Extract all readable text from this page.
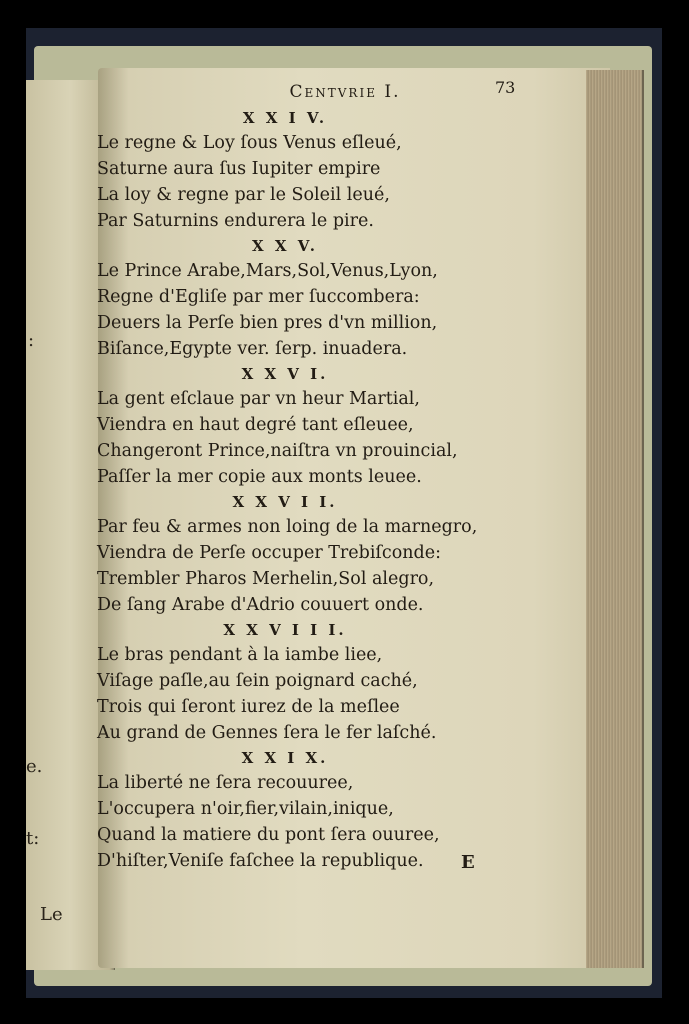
:
e.
t:
Le
Centvrie I.	73
X X I V.
Le regne & Loy ſous Venus eſleué,
Saturne aura ſus Iupiter empire
La loy & regne par le Soleil leué,
Par Saturnins endurera le pire.
X X V.
Le Prince Arabe,Mars,Sol,Venus,Lyon,
Regne d'Egliſe par mer ſuccombera:
Deuers la Perſe bien pres d'vn million,
Biſance,Egypte ver. ſerp. inuadera.
X X V I.
La gent eſclaue par vn heur Martial,
Viendra en haut degré tant eſleuee,
Changeront Prince,naiſtra vn prouincial,
Paſſer la mer copie aux monts leuee.
X X V I I.
Par feu & armes non loing de la marnegro,
Viendra de Perſe occuper Trebiſconde:
Trembler Pharos Merhelin,Sol alegro,
De ſang Arabe d'Adrio couuert onde.
X X V I I I.
Le bras pendant à la iambe liee,
Viſage paſle,au ſein poignard caché,
Trois qui ſeront iurez de la meſlee
Au grand de Gennes ſera le fer laſché.
X X I X.
La liberté ne ſera recouuree,
L'occupera n'oir,fier,vilain,inique,
Quand la matiere du pont ſera ouuree,
D'hiſter,Veniſe faſchee la republique.	E
